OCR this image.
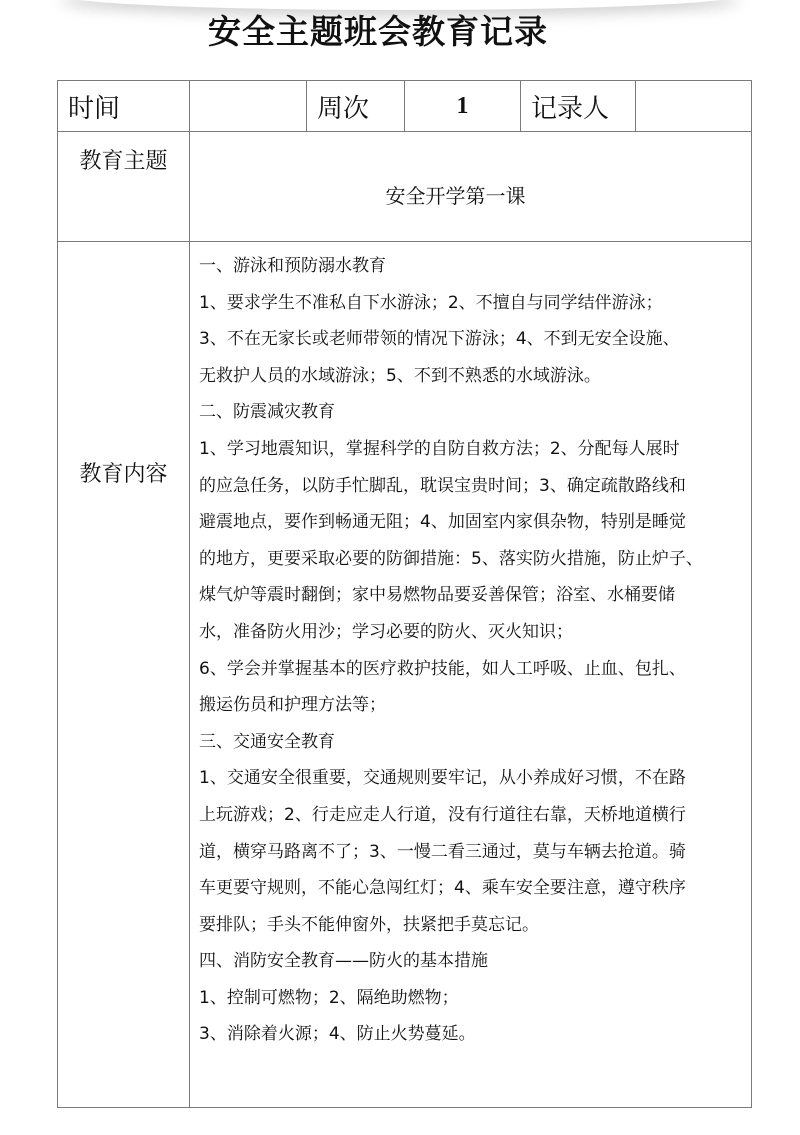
安全主题班会教育记录
时间		周次	1	记录人	
教育主题	安全开学第一课				
教育内容	
一、游泳和预防溺水教育
1、要求学生不准私自下水游泳；2、不擅自与同学结伴游泳；
3、不在无家长或老师带领的情况下游泳；4、不到无安全设施、
无救护人员的水域游泳；5、不到不熟悉的水域游泳。
二、防震减灾教育
1、学习地震知识，掌握科学的自防自救方法；2、分配每人展时
的应急任务，以防手忙脚乱，耽误宝贵时间；3、确定疏散路线和
避震地点，要作到畅通无阻；4、加固室内家俱杂物，特别是睡觉
的地方，更要采取必要的防御措施：5、落实防火措施，防止炉子、
煤气炉等震时翻倒；家中易燃物品要妥善保管；浴室、水桶要储
水，准备防火用沙；学习必要的防火、灭火知识；
6、学会并掌握基本的医疗救护技能，如人工呼吸、止血、包扎、
搬运伤员和护理方法等；
三、交通安全教育
1、交通安全很重要，交通规则要牢记，从小养成好习惯，不在路
上玩游戏；2、行走应走人行道，没有行道往右靠，天桥地道横行
道，横穿马路离不了；3、一慢二看三通过，莫与车辆去抢道。骑
车更要守规则，不能心急闯红灯；4、乘车安全要注意，遵守秩序
要排队；手头不能伸窗外，扶紧把手莫忘记。
四、消防安全教育——防火的基本措施
1、控制可燃物；2、隔绝助燃物；
3、消除着火源；4、防止火势蔓延。
